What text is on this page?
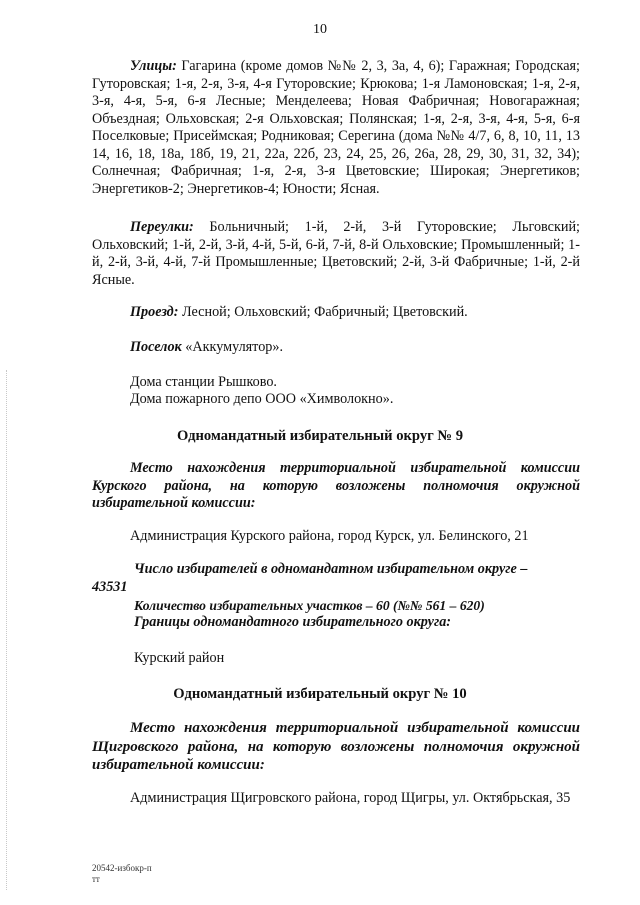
10
Улицы: Гагарина (кроме домов №№ 2, 3, 3а, 4, 6); Гаражная; Городская; Гуторовская; 1-я, 2-я, 3-я, 4-я Гуторовские; Крюкова; 1-я Ламоновская; 1-я, 2-я, 3-я, 4-я, 5-я, 6-я Лесные; Менделеева; Новая Фабричная; Новогаражная; Объездная; Ольховская; 2-я Ольховская; Полянская; 1-я, 2-я, 3-я, 4-я, 5-я, 6-я Поселковые; Присеймская; Родниковая; Серегина (дома №№ 4/7, 6, 8, 10, 11, 13 14, 16, 18, 18а, 18б, 19, 21, 22а, 22б, 23, 24, 25, 26, 26а, 28, 29, 30, 31, 32, 34); Солнечная; Фабричная; 1-я, 2-я, 3-я Цветовские; Широкая; Энергетиков; Энергетиков-2; Энергетиков-4; Юности; Ясная.
Переулки: Больничный; 1-й, 2-й, 3-й Гуторовские; Льговский; Ольховский; 1-й, 2-й, 3-й, 4-й, 5-й, 6-й, 7-й, 8-й Ольховские; Промышленный; 1-й, 2-й, 3-й, 4-й, 7-й Промышленные; Цветовский; 2-й, 3-й Фабричные; 1-й, 2-й Ясные.
Проезд: Лесной; Ольховский; Фабричный; Цветовский.
Поселок «Аккумулятор».
Дома станции Рышково.
Дома пожарного депо ООО «Химволокно».
Одномандатный избирательный округ № 9
Место нахождения территориальной избирательной комиссии Курского района, на которую возложены полномочия окружной избирательной комиссии:
Администрация Курского района, город Курск, ул. Белинского, 21
Число избирателей в одномандатном избирательном округе –
43531
Количество избирательных участков – 60 (№№ 561 – 620)
Границы одномандатного избирательного округа:
Курский район
Одномандатный избирательный округ № 10
Место нахождения территориальной избирательной комиссии Щигровского района, на которую возложены полномочия окружной избирательной комиссии:
Администрация Щигровского района, город Щигры, ул. Октябрьская, 35
20542-избокр-п
тт
